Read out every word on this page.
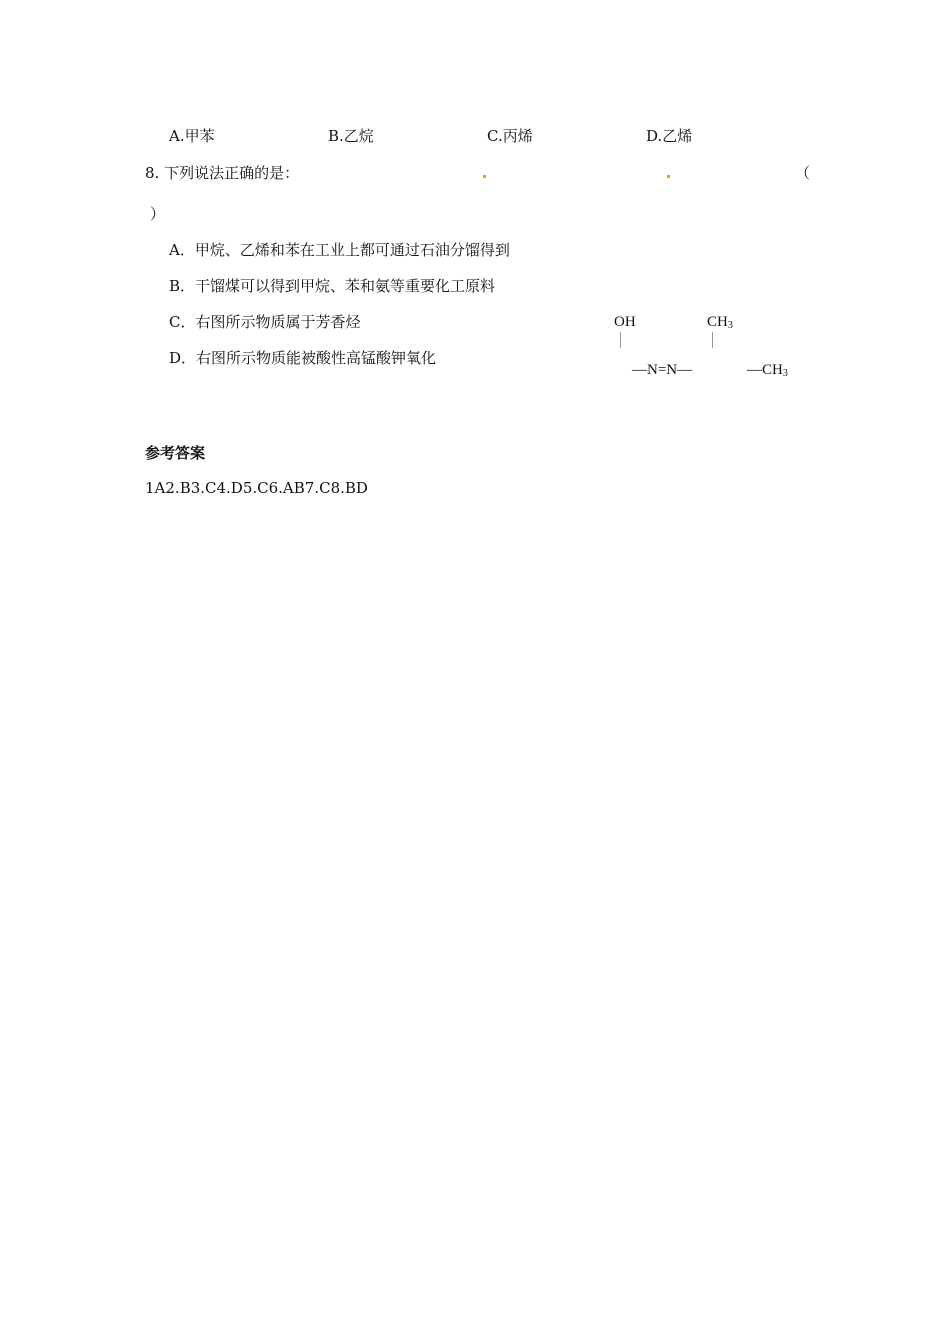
A.甲苯	B.乙烷	C.丙烯	D.乙烯
8. 下列说法正确的是：	（
）
A．甲烷、乙烯和苯在工业上都可通过石油分馏得到
B．干馏煤可以得到甲烷、苯和氨等重要化工原料
C．右图所示物质属于芳香烃
D．右图所示物质能被酸性高锰酸钾氧化
OH	$CH_3$
—N=N—	$—CH_3$
参考答案
1A2.B3.C4.D5.C6.AB7.C8.BD
